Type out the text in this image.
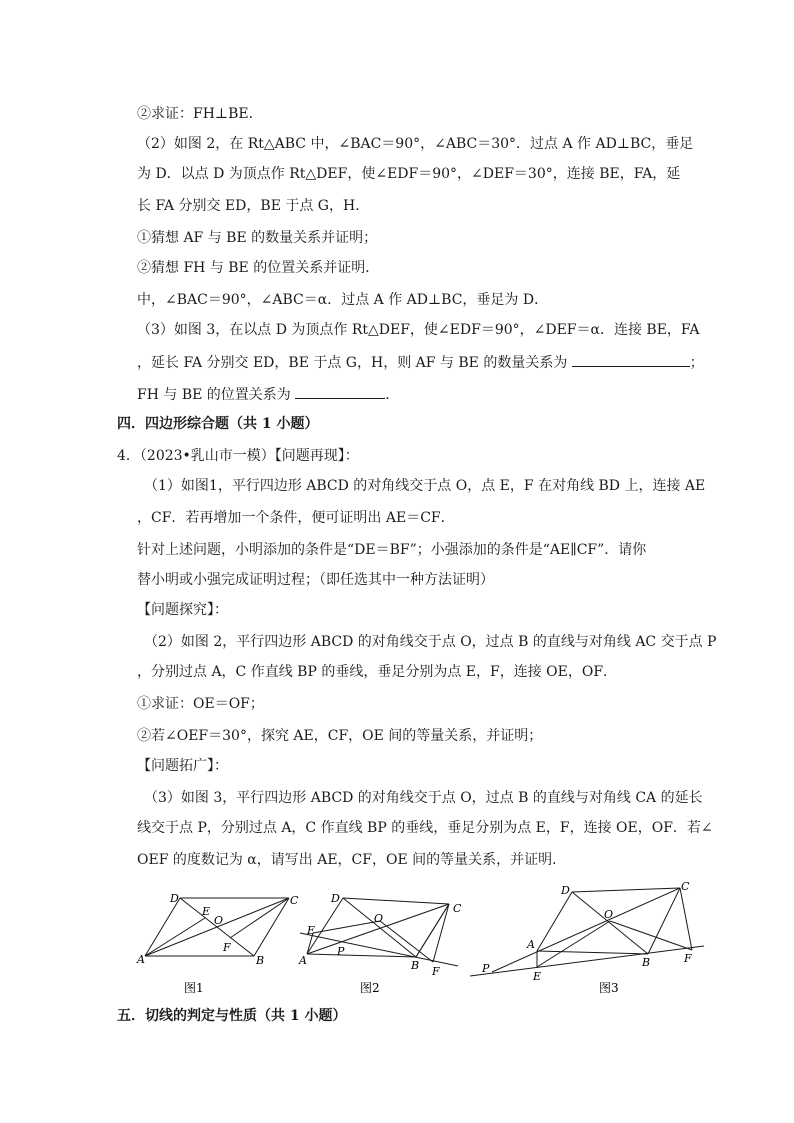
②求证：FH⊥BE．
（2）如图 2，在 Rt△ABC 中，∠BAC＝90°，∠ABC＝30°．过点 A 作 AD⊥BC，垂足
为 D．以点 D 为顶点作 Rt△DEF，使∠EDF＝90°，∠DEF＝30°，连接 BE，FA，延
长 FA 分别交 ED，BE 于点 G，H．
①猜想 AF 与 BE 的数量关系并证明；
②猜想 FH 与 BE 的位置关系并证明．
中，∠BAC＝90°，∠ABC＝α．过点 A 作 AD⊥BC，垂足为 D．
（3）如图 3，在以点 D 为顶点作 Rt△DEF，使∠EDF＝90°，∠DEF＝α．连接 BE，FA
，延长 FA 分别交 ED，BE 于点 G，H，则 AF 与 BE 的数量关系为	；
FH 与 BE 的位置关系为	．
四．四边形综合题（共 1 小题）
4．（2023•乳山市一模）【问题再现】：
（1）如图1，平行四边形 ABCD 的对角线交于点 O，点 E，F 在对角线 BD 上，连接 AE
，CF．若再增加一个条件，便可证明出 AE＝CF．
针对上述问题，小明添加的条件是“DE＝BF”；小强添加的条件是“AE∥CF”．请你
替小明或小强完成证明过程；（即任选其中一种方法证明）
【问题探究】：
（2）如图 2，平行四边形 ABCD 的对角线交于点 O，过点 B 的直线与对角线 AC 交于点 P
，分别过点 A，C 作直线 BP 的垂线，垂足分别为点 E，F，连接 OE，OF．
①求证：OE＝OF；
②若∠OEF＝30°，探究 AE，CF，OE 间的等量关系，并证明；
【问题拓广】：
（3）如图 3，平行四边形 ABCD 的对角线交于点 O，过点 B 的直线与对角线 CA 的延长
线交于点 P，分别过点 A，C 作直线 BP 的垂线，垂足分别为点 E，F，连接 OE，OF．若∠
OEF 的度数记为 α，请写出 AE，CF，OE 间的等量关系，并证明．
D	C
E
O
F
A	B
图1
D
C
O
E
P
A	B F
图2
D	C
O
A
P
E
B	F
图3
五．切线的判定与性质（共 1 小题）
